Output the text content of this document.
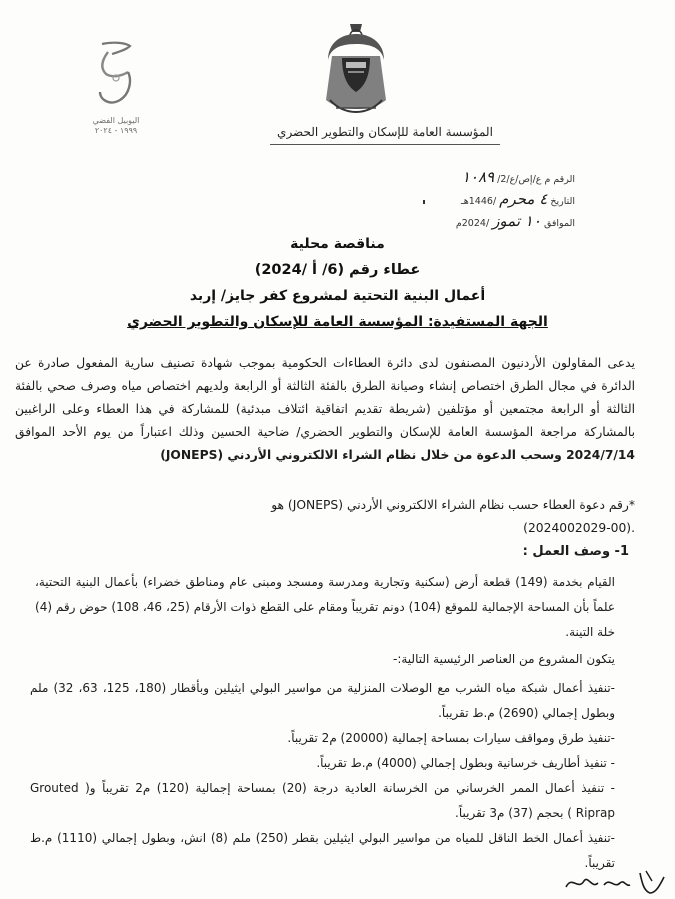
اليوبيل الفضي
١٩٩٩ - ٢٠٢٤	المؤسسة العامة للإسكان والتطوير الحضري
الرقم م ع/إص/ع/2/ ١٠٨٩
التاريخ ٤ محرم /1446هـ
الموافق ١٠ تموز /2024م
مناقصة محلية
عطاء رقم (6/ أ /2024)
أعمال البنية التحتية لمشروع كفر جايز/ إربد
الجهة المستفيدة: المؤسسة العامة للإسكان والتطوير الحضري
يدعى المقاولون الأردنيون المصنفون لدى دائرة العطاءات الحكومية بموجب شهادة تصنيف سارية المفعول صادرة عن الدائرة في مجال الطرق اختصاص إنشاء وصيانة الطرق بالفئة الثالثة أو الرابعة ولديهم اختصاص مياه وصرف صحي بالفئة الثالثة أو الرابعة مجتمعين أو مؤتلفين (شريطة تقديم اتفاقية ائتلاف مبدئية) للمشاركة في هذا العطاء وعلى الراغبين بالمشاركة مراجعة المؤسسة العامة للإسكان والتطوير الحضري/ ضاحية الحسين وذلك اعتباراً من يوم الأحد الموافق 2024/7/14 وسحب الدعوة من خلال نظام الشراء الالكتروني الأردني (JONEPS)
*رقم دعوة العطاء حسب نظام الشراء الالكتروني الأردني (JONEPS) هو
(2024002029-00).
1- وصف العمل :
القيام بخدمة (149) قطعة أرض (سكنية وتجارية ومدرسة ومسجد ومبنى عام ومناطق خضراء) بأعمال البنية التحتية، علماً بأن المساحة الإجمالية للموقع (104) دونم تقريباً ومقام على القطع ذوات الأرقام (25، 46، 108) حوض رقم (4) خلة التينة.
يتكون المشروع من العناصر الرئيسية التالية:-
-تنفيذ أعمال شبكة مياه الشرب مع الوصلات المنزلية من مواسير البولي ايثيلين وبأقطار (180، 125، 63، 32) ملم وبطول إجمالي (2690) م.ط تقريباً.
-تنفيذ طرق ومواقف سيارات بمساحة إجمالية (20000) م2 تقريباً.
- تنفيذ أطاريف خرسانية وبطول إجمالي (4000) م.ط تقريباً.
- تنفيذ أعمال الممر الخرساني من الخرسانة العادية درجة (20) بمساحة إجمالية (120) م2 تقريباً و( Grouted Riprap ) بحجم (37) م3 تقريباً.
-تنفيذ أعمال الخط الناقل للمياه من مواسير البولي ايثيلين بقطر (250) ملم (8) انش، وبطول إجمالي (1110) م.ط تقريباً.
